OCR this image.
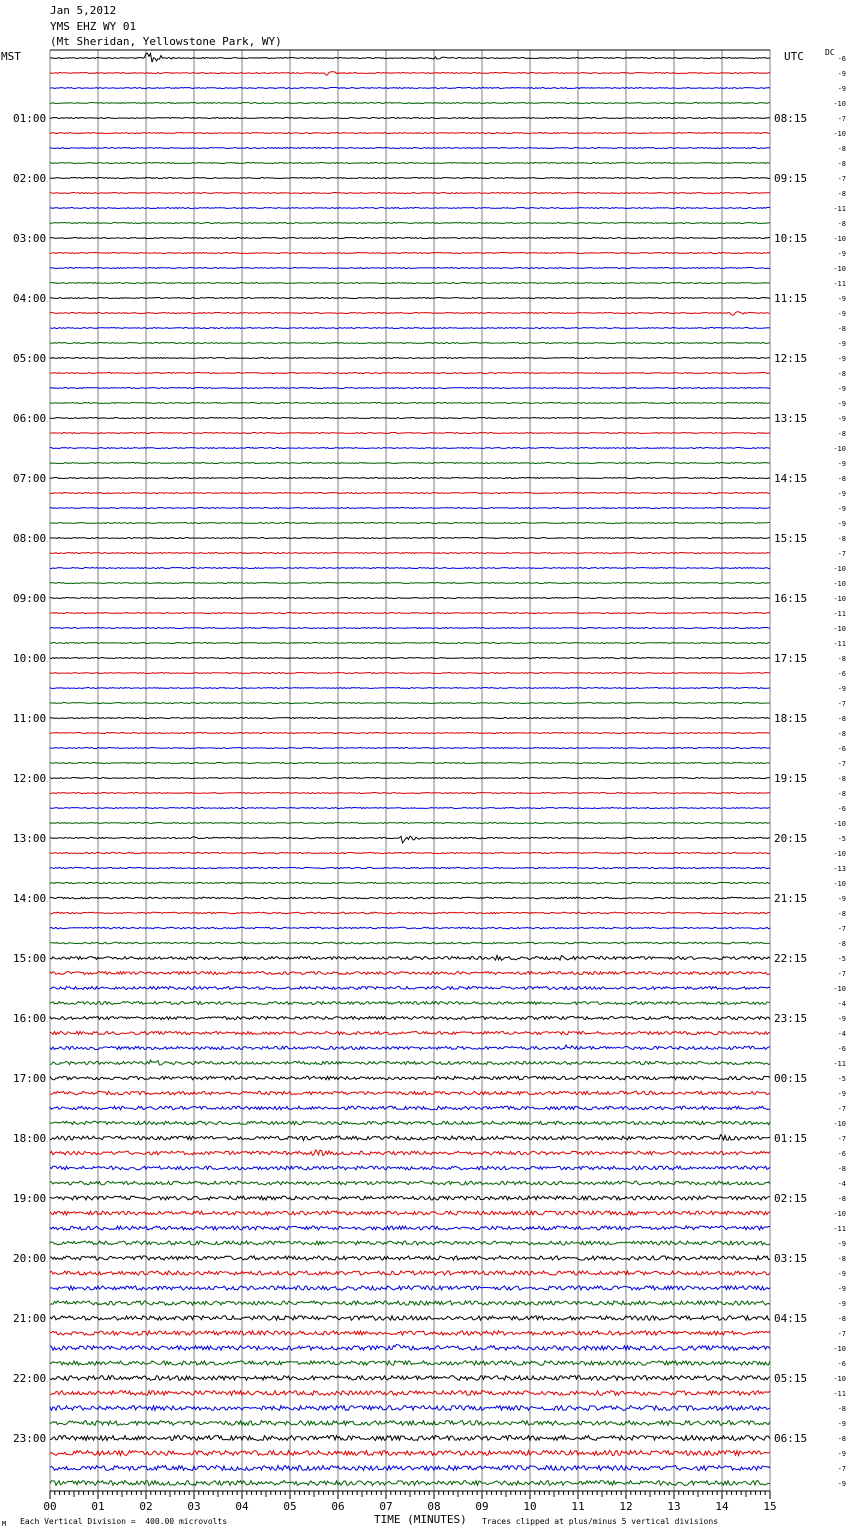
00	01	02	03	04	05	06	07	08	09	10	11	12	13	14	15
01:00
02:00
03:00
04:00
05:00
06:00
07:00
08:00
09:00
10:00
11:00
12:00
13:00
14:00
15:00
16:00
17:00
18:00
19:00
20:00
21:00
22:00
23:00
08:15
09:15
10:15
11:15
12:15
13:15
14:15
15:15
16:15
17:15
18:15
19:15
20:15
21:15
22:15
23:15
00:15
01:15
02:15
03:15
04:15
05:15
06:15
-6
-9
-9
-10
-7
-10
-8
-8
-7
-8
-11
-8
-10
-9
-10
-11
-9
-9
-8
-9
-9
-8
-9
-9
-9
-8
-10
-9
-8
-9
-9
-9
-8
-7
-10
-10
-10
-11
-10
-11
-8
-6
-9
-7
-8
-8
-6
-7
-8
-8
-6
-10
-5
-10
-13
-10
-9
-8
-7
-8
-5
-7
-10
-4
-9
-4
-6
-11
-5
-9
-7
-10
-7
-6
-8
-4
-8
-10
-11
-9
-8
-9
-9
-9
-8
-7
-10
-6
-10
-11
-8
-9
-8
-9
-7
-9
Jan 5,2012
YMS EHZ WY 01
(Mt Sheridan, Yellowstone Park, WY)
MST	UTC	DC
TIME (MINUTES)
Each Vertical Division =  400.00 microvolts
M	Traces clipped at plus/minus 5 vertical divisions
